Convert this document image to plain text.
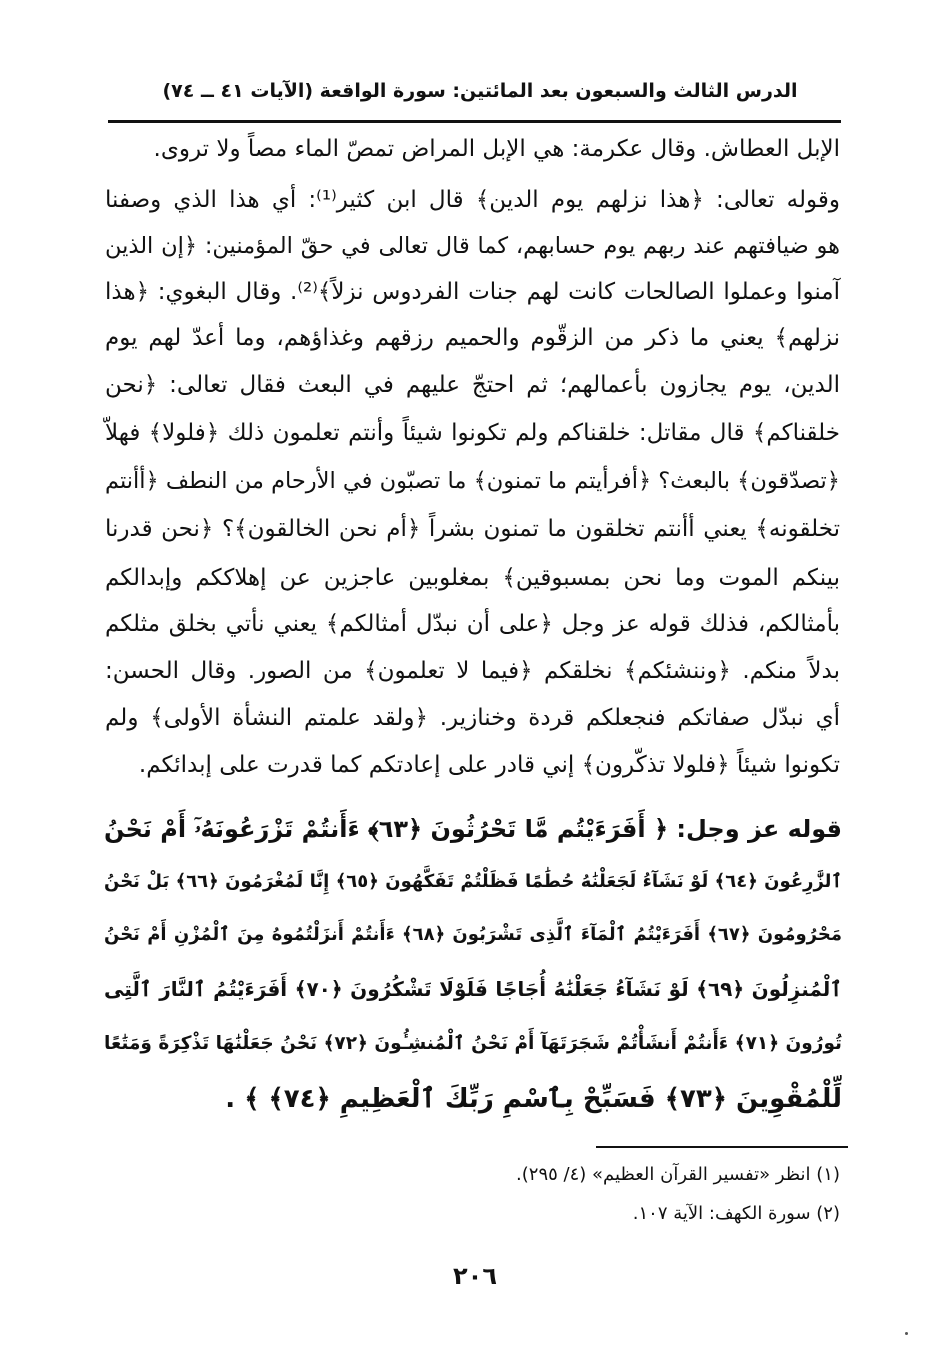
الدرس الثالث والسبعون بعد المائتين: سورة الواقعة (الآيات ٤١ ــ ٧٤)
الإبل العطاش. وقال عكرمة: هي الإبل المراض تمصّ الماء مصاً ولا تروى.
وقوله تعالى: ﴿هذا نزلهم يوم الدين﴾ قال ابن كثير⁽¹⁾: أي هذا الذي وصفنا
هو ضيافتهم عند ربهم يوم حسابهم، كما قال تعالى في حقّ المؤمنين: ﴿إن الذين
آمنوا وعملوا الصالحات كانت لهم جنات الفردوس نزلاً﴾⁽²⁾. وقال البغوي: ﴿هذا
نزلهم﴾ يعني ما ذكر من الزقّوم والحميم رزقهم وغذاؤهم، وما أعدّ لهم يوم
الدين، يوم يجازون بأعمالهم؛ ثم احتجّ عليهم في البعث فقال تعالى: ﴿نحن
خلقناكم﴾ قال مقاتل: خلقناكم ولم تكونوا شيئاً وأنتم تعلمون ذلك ﴿فلولا﴾ فهلاّ
﴿تصدّقون﴾ بالبعث؟ ﴿أفرأيتم ما تمنون﴾ ما تصبّون في الأرحام من النطف ﴿أأنتم
تخلقونه﴾ يعني أأنتم تخلقون ما تمنون بشراً ﴿أم نحن الخالقون﴾؟ ﴿نحن قدرنا
بينكم الموت وما نحن بمسبوقين﴾ بمغلوبين عاجزين عن إهلاككم وإبدالكم
بأمثالكم، فذلك قوله عز وجل ﴿على أن نبدّل أمثالكم﴾ يعني نأتي بخلق مثلكم
بدلاً منكم. ﴿وننشئكم﴾ نخلقكم ﴿فيما لا تعلمون﴾ من الصور. وقال الحسن:
أي نبدّل صفاتكم فنجعلكم قردة وخنازير. ﴿ولقد علمتم النشأة الأولى﴾ ولم
تكونوا شيئاً ﴿فلولا تذكّرون﴾ إني قادر على إعادتكم كما قدرت على إبدائكم.
قوله عز وجل: ﴿ أَفَرَءَيْتُم مَّا تَحْرُثُونَ ﴿٦٣﴾ ءَأَنتُمْ تَزْرَعُونَهُۥٓ أَمْ نَحْنُ
ٱلزَّٰرِعُونَ ﴿٦٤﴾ لَوْ نَشَآءُ لَجَعَلْنَٰهُ حُطَٰمًا فَظَلْتُمْ تَفَكَّهُونَ ﴿٦٥﴾ إِنَّا لَمُغْرَمُونَ ﴿٦٦﴾ بَلْ نَحْنُ
مَحْرُومُونَ ﴿٦٧﴾ أَفَرَءَيْتُمُ ٱلْمَآءَ ٱلَّذِى تَشْرَبُونَ ﴿٦٨﴾ ءَأَنتُمْ أَنزَلْتُمُوهُ مِنَ ٱلْمُزْنِ أَمْ نَحْنُ
ٱلْمُنزِلُونَ ﴿٦٩﴾ لَوْ نَشَآءُ جَعَلْنَٰهُ أُجَاجًا فَلَوْلَا تَشْكُرُونَ ﴿٧٠﴾ أَفَرَءَيْتُمُ ٱلنَّارَ ٱلَّتِى
تُورُونَ ﴿٧١﴾ ءَأَنتُمْ أَنشَأْتُمْ شَجَرَتَهَآ أَمْ نَحْنُ ٱلْمُنشِـُٔونَ ﴿٧٢﴾ نَحْنُ جَعَلْنَٰهَا تَذْكِرَةً وَمَتَٰعًا
لِّلْمُقْوِينَ ﴿٧٣﴾ فَسَبِّحْ بِٱسْمِ رَبِّكَ ٱلْعَظِيمِ ﴿٧٤﴾ ﴾ .
(١) انظر «تفسير القرآن العظيم» (٤/ ٢٩٥).
(٢) سورة الكهف: الآية ١٠٧.
٢٠٦
